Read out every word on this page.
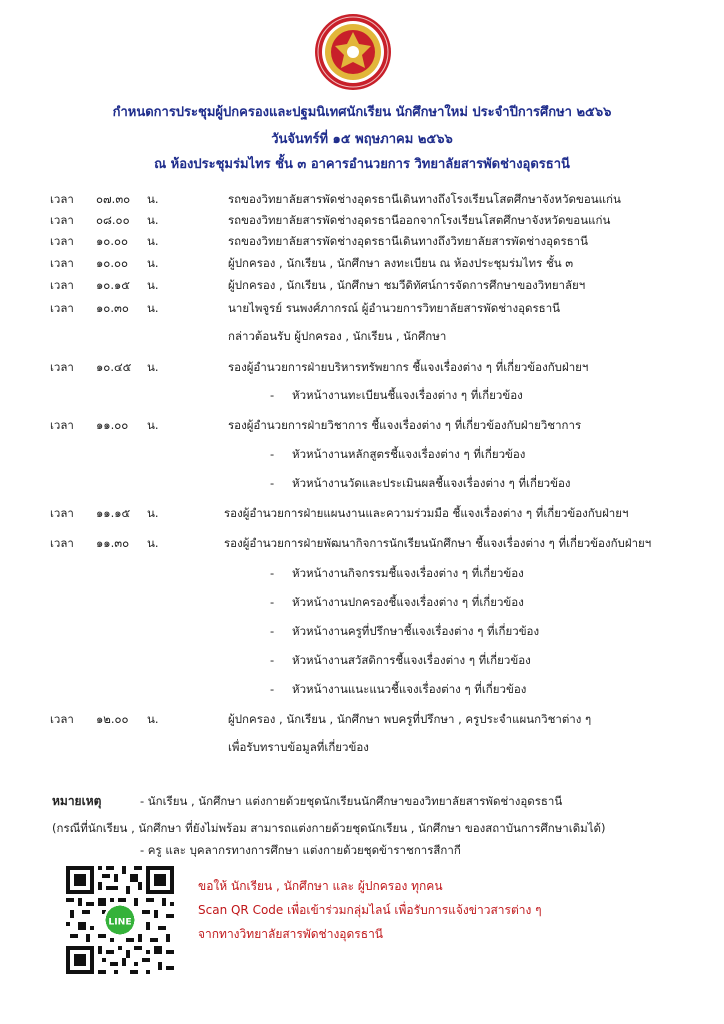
กำหนดการประชุมผู้ปกครองและปฐมนิเทศนักเรียน นักศึกษาใหม่ ประจำปีการศึกษา ๒๕๖๖
วันจันทร์ที่ ๑๕ พฤษภาคม ๒๕๖๖
ณ ห้องประชุมร่มไทร ชั้น ๓ อาคารอำนวยการ วิทยาลัยสารพัดช่างอุดรธานี
เวลา ๐๗.๓๐ น.	รถของวิทยาลัยสารพัดช่างอุดรธานีเดินทางถึงโรงเรียนโสตศึกษาจังหวัดขอนแก่น
เวลา ๐๘.๐๐ น.	รถของวิทยาลัยสารพัดช่างอุดรธานีออกจากโรงเรียนโสตศึกษาจังหวัดขอนแก่น
เวลา ๑๐.๐๐ น.	รถของวิทยาลัยสารพัดช่างอุดรธานีเดินทางถึงวิทยาลัยสารพัดช่างอุดรธานี
เวลา ๑๐.๐๐ น.	ผู้ปกครอง , นักเรียน , นักศึกษา ลงทะเบียน ณ ห้องประชุมร่มไทร ชั้น ๓
เวลา ๑๐.๑๕ น.	ผู้ปกครอง , นักเรียน , นักศึกษา ชมวีดิทัศน์การจัดการศึกษาของวิทยาลัยฯ
เวลา ๑๐.๓๐ น.	นายไพจูรย์ รนพงศ์ภากรณ์ ผู้อำนวยการวิทยาลัยสารพัดช่างอุดรธานี
กล่าวต้อนรับ ผู้ปกครอง , นักเรียน , นักศึกษา
เวลา ๑๐.๔๕ น.	รองผู้อำนวยการฝ่ายบริหารทรัพยากร ชี้แจงเรื่องต่าง ๆ ที่เกี่ยวข้องกับฝ่ายฯ
- หัวหน้างานทะเบียนชี้แจงเรื่องต่าง ๆ ที่เกี่ยวข้อง
เวลา ๑๑.๐๐ น.	รองผู้อำนวยการฝ่ายวิชาการ ชี้แจงเรื่องต่าง ๆ ที่เกี่ยวข้องกับฝ่ายวิชาการ
- หัวหน้างานหลักสูตรชี้แจงเรื่องต่าง ๆ ที่เกี่ยวข้อง
- หัวหน้างานวัดและประเมินผลชี้แจงเรื่องต่าง ๆ ที่เกี่ยวข้อง
เวลา ๑๑.๑๕ น.	รองผู้อำนวยการฝ่ายแผนงานและความร่วมมือ ชี้แจงเรื่องต่าง ๆ ที่เกี่ยวข้องกับฝ่ายฯ
เวลา ๑๑.๓๐ น.	รองผู้อำนวยการฝ่ายพัฒนากิจการนักเรียนนักศึกษา ชี้แจงเรื่องต่าง ๆ ที่เกี่ยวข้องกับฝ่ายฯ
- หัวหน้างานกิจกรรมชี้แจงเรื่องต่าง ๆ ที่เกี่ยวข้อง
- หัวหน้างานปกครองชี้แจงเรื่องต่าง ๆ ที่เกี่ยวข้อง
- หัวหน้างานครูที่ปรึกษาชี้แจงเรื่องต่าง ๆ ที่เกี่ยวข้อง
- หัวหน้างานสวัสดิการชี้แจงเรื่องต่าง ๆ ที่เกี่ยวข้อง
- หัวหน้างานแนะแนวชี้แจงเรื่องต่าง ๆ ที่เกี่ยวข้อง
เวลา ๑๒.๐๐ น.	ผู้ปกครอง , นักเรียน , นักศึกษา พบครูที่ปรึกษา , ครูประจำแผนกวิชาต่าง ๆ
เพื่อรับทราบข้อมูลที่เกี่ยวข้อง
หมายเหตุ	- นักเรียน , นักศึกษา แต่งกายด้วยชุดนักเรียนนักศึกษาของวิทยาลัยสารพัดช่างอุดรธานี
(กรณีที่นักเรียน , นักศึกษา ที่ยังไม่พร้อม สามารถแต่งกายด้วยชุดนักเรียน , นักศึกษา ของสถาบันการศึกษาเดิมได้)
- ครู และ บุคลากรทางการศึกษา แต่งกายด้วยชุดข้าราชการสีกากี
LINE
ขอให้ นักเรียน , นักศึกษา และ ผู้ปกครอง ทุกคน
Scan QR Code เพื่อเข้าร่วมกลุ่มไลน์ เพื่อรับการแจ้งข่าวสารต่าง ๆ
จากทางวิทยาลัยสารพัดช่างอุดรธานี
